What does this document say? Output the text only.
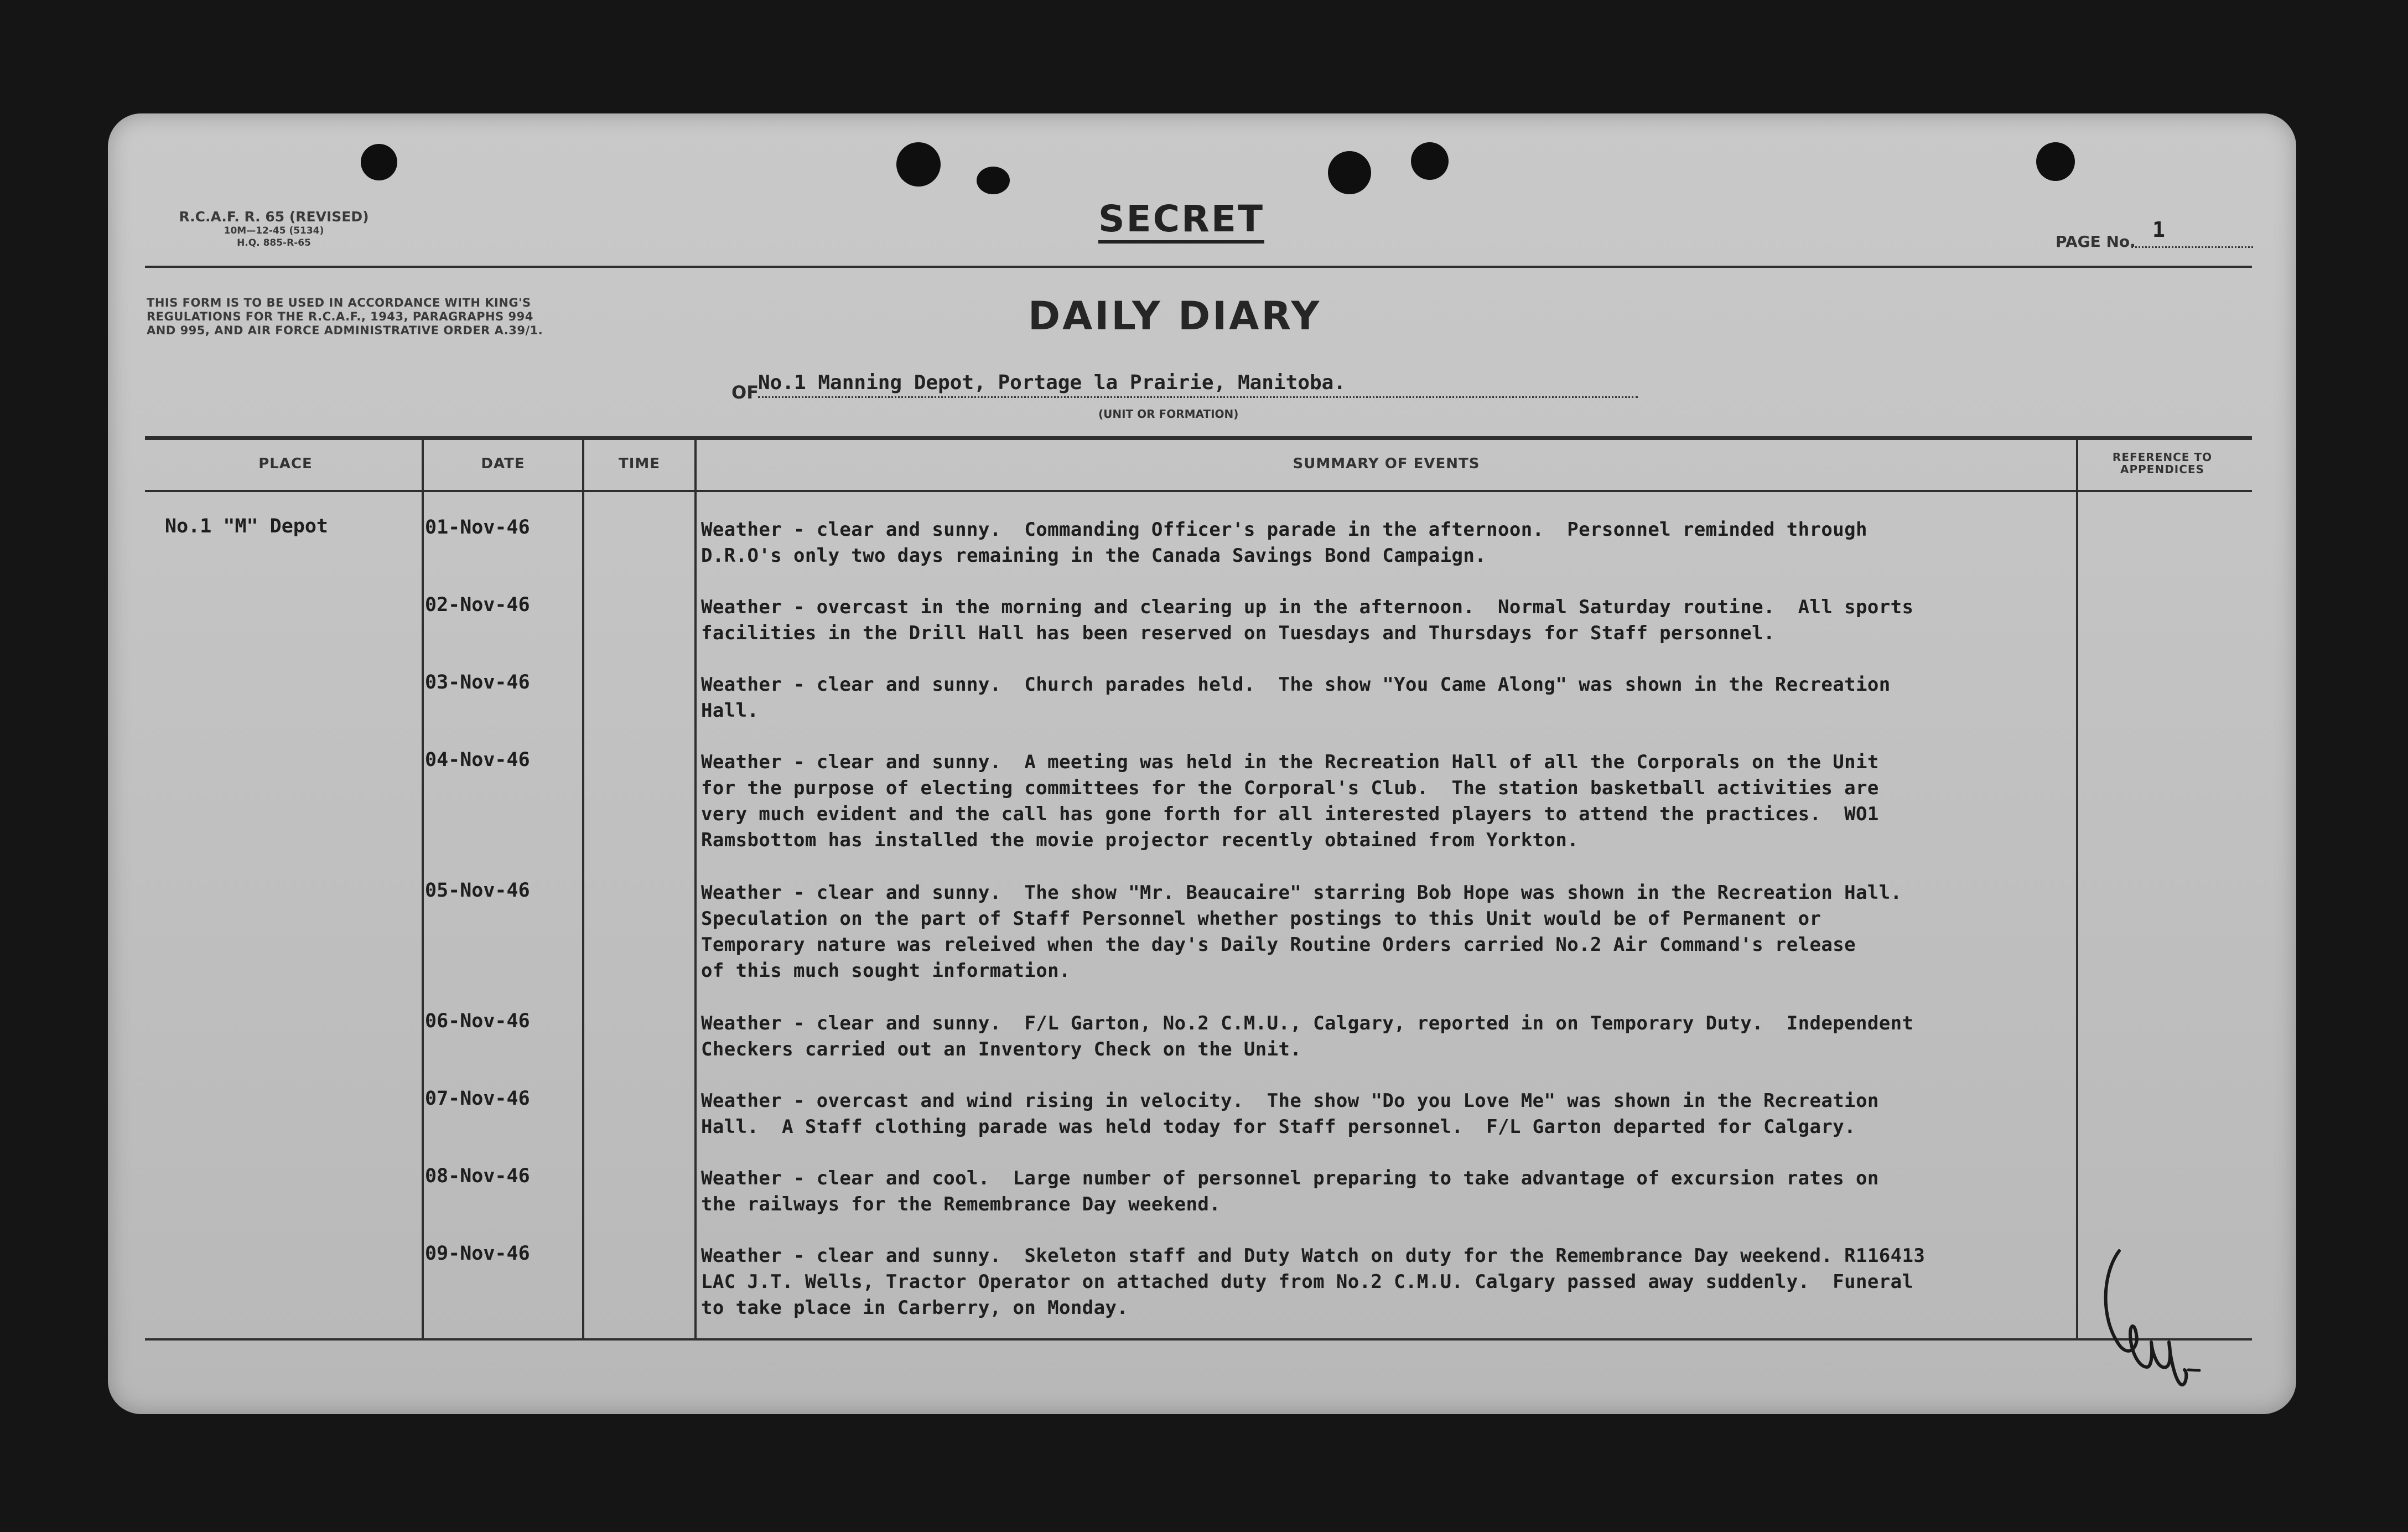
R.C.A.F. R. 65 (REVISED)
10M—12-45 (5134)
H.Q. 885-R-65
SECRET
PAGE No. 1
THIS FORM IS TO BE USED IN ACCORDANCE WITH KING'S REGULATIONS FOR THE R.C.A.F., 1943, PARAGRAPHS 994 AND 995, AND AIR FORCE ADMINISTRATIVE ORDER A.39/1.	DAILY DIARY
OF
No.1 Manning Depot, Portage la Prairie, Manitoba.
(UNIT OR FORMATION)
PLACE	DATE	TIME	SUMMARY OF EVENTS	REFERENCE TO APPENDICES
No.1 "M" Depot	01-Nov-46	Weather - clear and sunny.  Commanding Officer's parade in the afternoon.  Personnel reminded through
D.R.O's only two days remaining in the Canada Savings Bond Campaign.
02-Nov-46	Weather - overcast in the morning and clearing up in the afternoon.  Normal Saturday routine.  All sports
facilities in the Drill Hall has been reserved on Tuesdays and Thursdays for Staff personnel.
03-Nov-46	Weather - clear and sunny.  Church parades held.  The show "You Came Along" was shown in the Recreation
Hall.
04-Nov-46	Weather - clear and sunny.  A meeting was held in the Recreation Hall of all the Corporals on the Unit
for the purpose of electing committees for the Corporal's Club.  The station basketball activities are
very much evident and the call has gone forth for all interested players to attend the practices.  WO1
Ramsbottom has installed the movie projector recently obtained from Yorkton.
05-Nov-46	Weather - clear and sunny.  The show "Mr. Beaucaire" starring Bob Hope was shown in the Recreation Hall.
Speculation on the part of Staff Personnel whether postings to this Unit would be of Permanent or
Temporary nature was releived when the day's Daily Routine Orders carried No.2 Air Command's release
of this much sought information.
06-Nov-46	Weather - clear and sunny.  F/L Garton, No.2 C.M.U., Calgary, reported in on Temporary Duty.  Independent
Checkers carried out an Inventory Check on the Unit.
07-Nov-46	Weather - overcast and wind rising in velocity.  The show "Do you Love Me" was shown in the Recreation
Hall.  A Staff clothing parade was held today for Staff personnel.  F/L Garton departed for Calgary.
08-Nov-46	Weather - clear and cool.  Large number of personnel preparing to take advantage of excursion rates on
the railways for the Remembrance Day weekend.
09-Nov-46	Weather - clear and sunny.  Skeleton staff and Duty Watch on duty for the Remembrance Day weekend. R116413
LAC J.T. Wells, Tractor Operator on attached duty from No.2 C.M.U. Calgary passed away suddenly.  Funeral
to take place in Carberry, on Monday.
